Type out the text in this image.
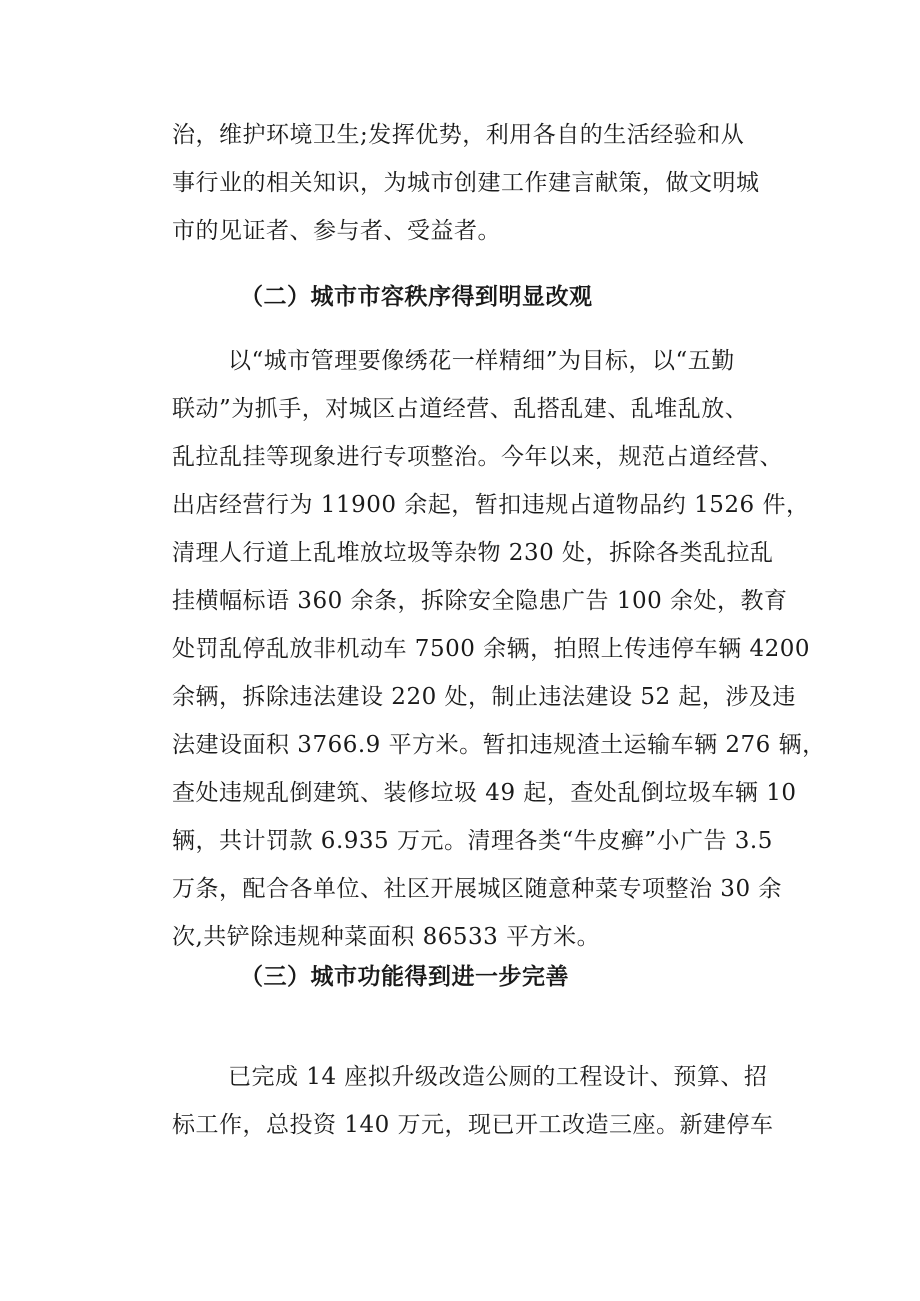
治，维护环境卫生;发挥优势，利用各自的生活经验和从
事行业的相关知识，为城市创建工作建言献策，做文明城
市的见证者、参与者、受益者。
（二）城市市容秩序得到明显改观
以“城市管理要像绣花一样精细”为目标，以“五勤
联动”为抓手，对城区占道经营、乱搭乱建、乱堆乱放、
乱拉乱挂等现象进行专项整治。今年以来，规范占道经营、
出店经营行为 11900 余起，暂扣违规占道物品约 1526 件，
清理人行道上乱堆放垃圾等杂物 230 处，拆除各类乱拉乱
挂横幅标语 360 余条，拆除安全隐患广告 100 余处，教育
处罚乱停乱放非机动车 7500 余辆，拍照上传违停车辆 4200
余辆，拆除违法建设 220 处，制止违法建设 52 起，涉及违
法建设面积 3766.9 平方米。暂扣违规渣土运输车辆 276 辆，
查处违规乱倒建筑、装修垃圾 49 起，查处乱倒垃圾车辆 10
辆，共计罚款 6.935 万元。清理各类“牛皮癣”小广告 3.5
万条，配合各单位、社区开展城区随意种菜专项整治 30 余
次,共铲除违规种菜面积 86533 平方米。
（三）城市功能得到进一步完善
已完成 14 座拟升级改造公厕的工程设计、预算、招
标工作，总投资 140 万元，现已开工改造三座。新建停车
